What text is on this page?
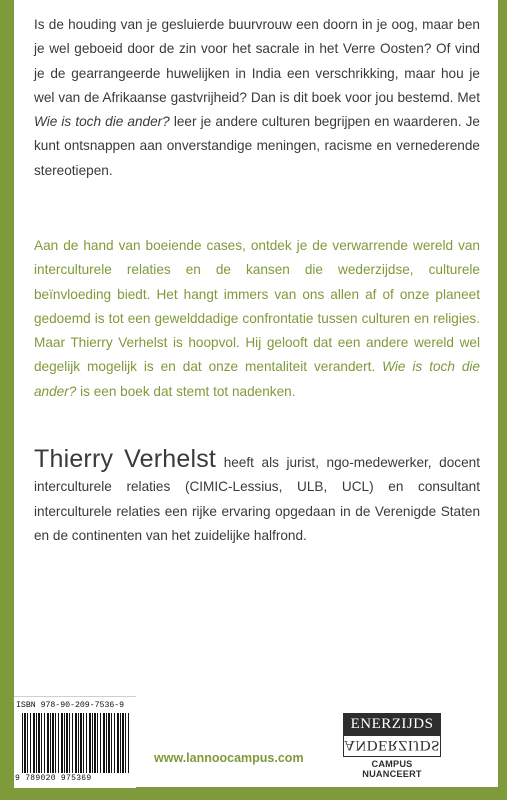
Is de houding van je gesluierde buurvrouw een doorn in je oog, maar ben je wel geboeid door de zin voor het sacrale in het Verre Oosten? Of vind je de gearrangeerde huwelijken in India een verschrikking, maar hou je wel van de Afrikaanse gastvrijheid? Dan is dit boek voor jou bestemd. Met Wie is toch die ander? leer je andere culturen begrijpen en waarderen. Je kunt ontsnappen aan onverstandige meningen, racisme en vernederende stereotiepen.

Aan de hand van boeiende cases, ontdek je de verwarrende wereld van interculturele relaties en de kansen die wederzijdse, culturele beïnvloeding biedt. Het hangt immers van ons allen af of onze planeet gedoemd is tot een gewelddadige confrontatie tussen culturen en religies. Maar Thierry Verhelst is hoopvol. Hij gelooft dat een andere wereld wel degelijk mogelijk is en dat onze mentaliteit verandert. Wie is toch die ander? is een boek dat stemt tot nadenken.

Thierry Verhelst heeft als jurist, ngo-medewerker, docent interculturele relaties (CIMIC-Lessius, ULB, UCL) en consultant interculturele relaties een rijke ervaring opgedaan in de Verenigde Staten en de continenten van het zuidelijke halfrond.

ISBN 978-90-209-7536-9
9 789020 975369
www.lannoocampus.com
ENERZIJDS
ANDERZIJDS
CAMPUS NUANCEERT
